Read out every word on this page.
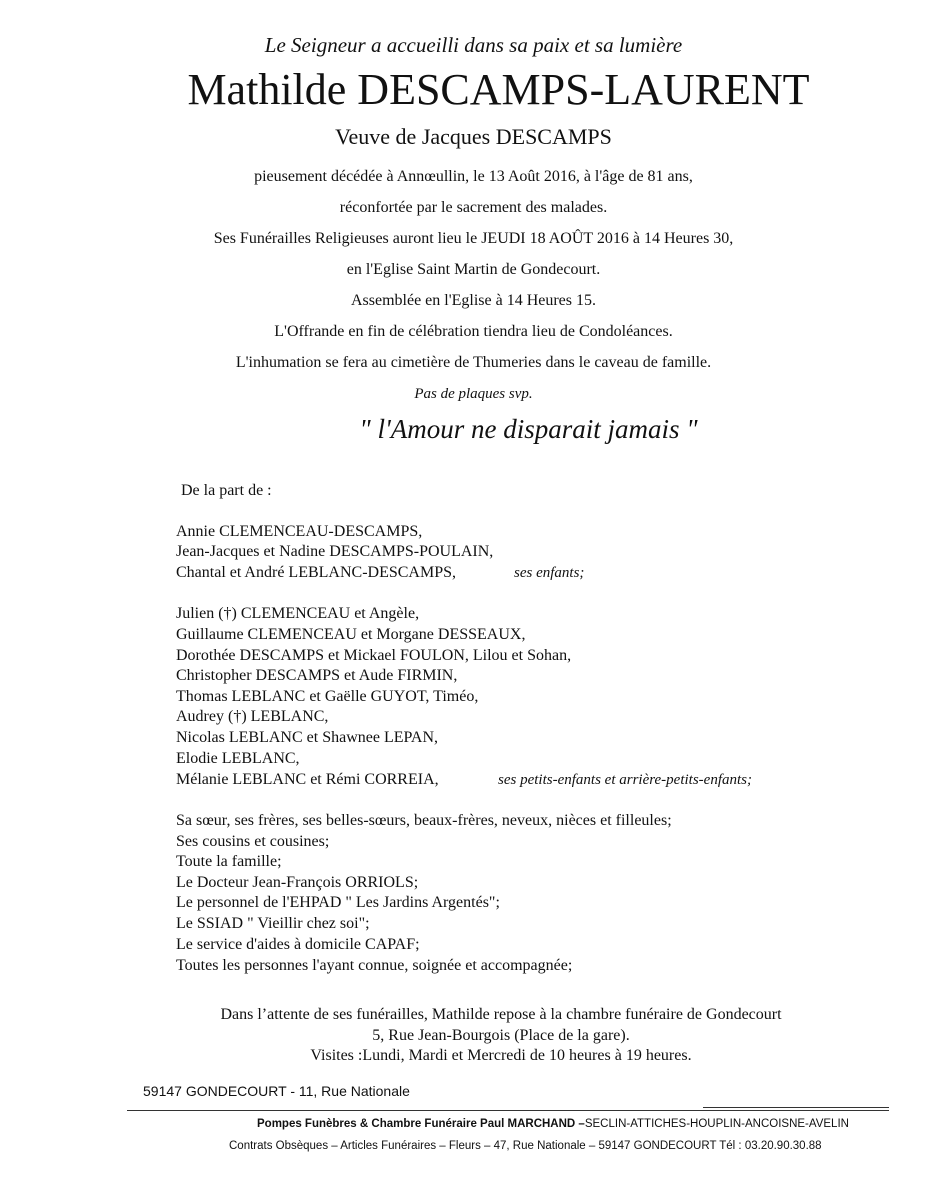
Le Seigneur a accueilli dans sa paix et sa lumière
Mathilde DESCAMPS-LAURENT
Veuve de Jacques DESCAMPS
pieusement décédée à Annœullin, le 13 Août 2016, à l'âge de 81 ans,
réconfortée par le sacrement des malades.
Ses Funérailles Religieuses auront lieu le JEUDI 18 AOÛT 2016 à 14 Heures 30,
en l'Eglise Saint Martin de Gondecourt.
Assemblée en l'Eglise à 14 Heures 15.
L'Offrande en fin de célébration tiendra lieu de Condoléances.
L'inhumation se fera au cimetière de Thumeries dans le caveau de famille.
Pas de plaques svp.
" l'Amour ne disparait jamais "
De la part de :
Annie CLEMENCEAU-DESCAMPS,
Jean-Jacques et Nadine DESCAMPS-POULAIN,
Chantal et André LEBLANC-DESCAMPS,	ses enfants;
Julien (†) CLEMENCEAU et Angèle,
Guillaume CLEMENCEAU et Morgane DESSEAUX,
Dorothée DESCAMPS et Mickael FOULON, Lilou et Sohan,
Christopher DESCAMPS et Aude FIRMIN,
Thomas LEBLANC et Gaëlle GUYOT, Timéo,
Audrey (†) LEBLANC,
Nicolas LEBLANC et Shawnee LEPAN,
Elodie LEBLANC,
Mélanie LEBLANC et Rémi CORREIA,	ses petits-enfants et arrière-petits-enfants;
Sa sœur, ses frères, ses belles-sœurs, beaux-frères, neveux, nièces et filleules;
Ses cousins et cousines;
Toute la famille;
Le Docteur Jean-François ORRIOLS;
Le personnel de l'EHPAD " Les Jardins Argentés";
Le SSIAD " Vieillir chez soi";
Le service d'aides à domicile CAPAF;
Toutes les personnes l'ayant connue, soignée et accompagnée;
Dans l’attente de ses funérailles, Mathilde repose à la chambre funéraire de Gondecourt
5, Rue Jean-Bourgois (Place de la gare).
Visites :Lundi, Mardi et Mercredi de 10 heures à 19 heures.
59147 GONDECOURT - 11, Rue Nationale
Pompes Funèbres & Chambre Funéraire Paul MARCHAND –SECLIN-ATTICHES-HOUPLIN-ANCOISNE-AVELIN
Contrats Obsèques – Articles Funéraires – Fleurs – 47, Rue Nationale – 59147 GONDECOURT Tél : 03.20.90.30.88
